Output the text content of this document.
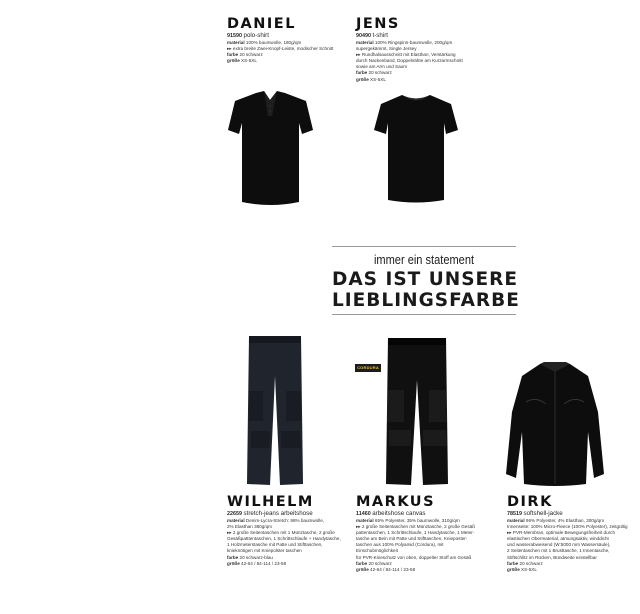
DANIEL
91590 polo-shirt
material 100% baumwolle, 180g/qm
▸▸ extra breite Zwei-Knopf-Leiste, modischer Schnitt
farbe 20 schwarz
größe XS-5XL
JENS
90490 t-shirt
material 100% Ringspinn-baumwolle, 200g/qm
supergekämmt, Single Jersey
▸▸ Rundhalsausschnitt mit Elasthan, Verstärkung
durch Nackenband, Doppelnähte am Kurzarmschnitt
sowie am Arm und Saum
farbe 20 schwarz
größe XS-5XL
immer ein statement
DAS IST UNSERE
LIEBLINGSFARBE
WILHELM
22659 stretch-jeans arbeitshose
material Denim-Lycra-Stretch: 98% baumwolle,
2% Elasthan 380g/qm
▸▸ 2 große Seitentaschen mit 1 Münztasche, 2 große
Gesäßpatttentaschen, 1 Schrittschlaufe + Handytasche,
1 Holzmeterstasche mit Patte und Stifttaschen,
knieknötigen mit Kniepolster taschen
farbe 20 schwarz-blau
größe 42-64 / 84-114 / 23-58
CORDURA
MARKUS
11460 arbeitshose canvas
material 65% Polyester, 35% baumwolle, 310g/qm
▸▸ 2 große Seitentaschen mit Münztasche, 2 große Gesäß
pattentaschen, 1 Schrittschlaufe, 1 Handytasche, 1 Meter-
tasche am Bein mit Patte und Stifttaschen, Knieposter-
taschen aus 100% Polyamid (Cordura), mit Einschubmöglichkeit
für PVR-Knieschutz von oben, doppelter Stoff am Gesäß
farbe 20 schwarz
größe 42-64 / 84-114 / 23-58
DIRK
78519 softshell-jacke
material 96% Polyester, 4% Elasthan, 300g/qm
Innenseite: 100% Micro-Fleece (100% Polyester), zeitgültig
▸▸ PVR-Membran, optimale Bewegungsfreiheit durch
elastischen Obermaterial, atmungsaktiv, winddicht
und wasserabweisend (W:5000 mm Wassersäule),
2 Seitentaschen mit 1 Brusttasche, 1 Innentasche,
Stiftschlitz im Rücken, Bündweite einstellbar
farbe 20 schwarz
größe XS-5XL
